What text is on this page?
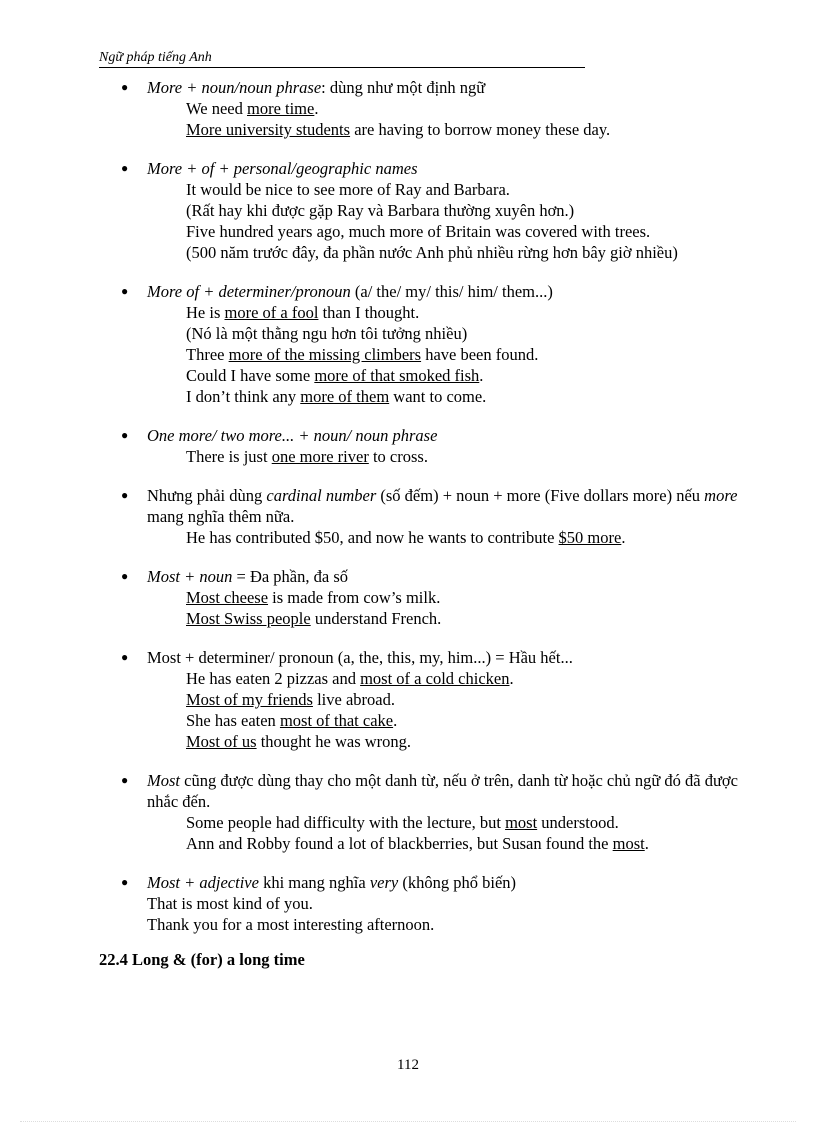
Ngữ pháp tiếng Anh
● More + noun/noun phrase: dùng như một định ngữ
We need more time.
More university students are having to borrow money these day.
● More + of + personal/geographic names
It would be nice to see more of Ray and Barbara.
(Rất hay khi được gặp Ray và Barbara thường xuyên hơn.)
Five hundred years ago, much more of Britain was covered with trees.
(500 năm trước đây, đa phần nước Anh phủ nhiều rừng hơn bây giờ nhiều)
● More of + determiner/pronoun (a/ the/ my/ this/ him/ them...)
He is more of a fool than I thought.
(Nó là một thằng ngu hơn tôi tưởng nhiều)
Three more of the missing climbers have been found.
Could I have some more of that smoked fish.
I don’t think any more of them want to come.
● One more/ two more... + noun/ noun phrase
There is just one more river to cross.
● Nhưng phải dùng cardinal number (số đếm) + noun + more (Five dollars more) nếu more mang nghĩa thêm nữa.
He has contributed $50, and now he wants to contribute $50 more.
● Most + noun = Đa phần, đa số
Most cheese is made from cow’s milk.
Most Swiss people understand French.
● Most + determiner/ pronoun (a, the, this, my, him...) = Hầu hết...
He has eaten 2 pizzas and most of a cold chicken.
Most of my friends live abroad.
She has eaten most of that cake.
Most of us thought he was wrong.
● Most cũng được dùng thay cho một danh từ, nếu ở trên, danh từ hoặc chủ ngữ đó đã được nhắc đến.
Some people had difficulty with the lecture, but most understood.
Ann and Robby found a lot of blackberries, but Susan found the most.
● Most + adjective khi mang nghĩa very (không phổ biến)
That is most kind of you.
Thank you for a most interesting afternoon.
22.4 Long & (for) a long time
112
